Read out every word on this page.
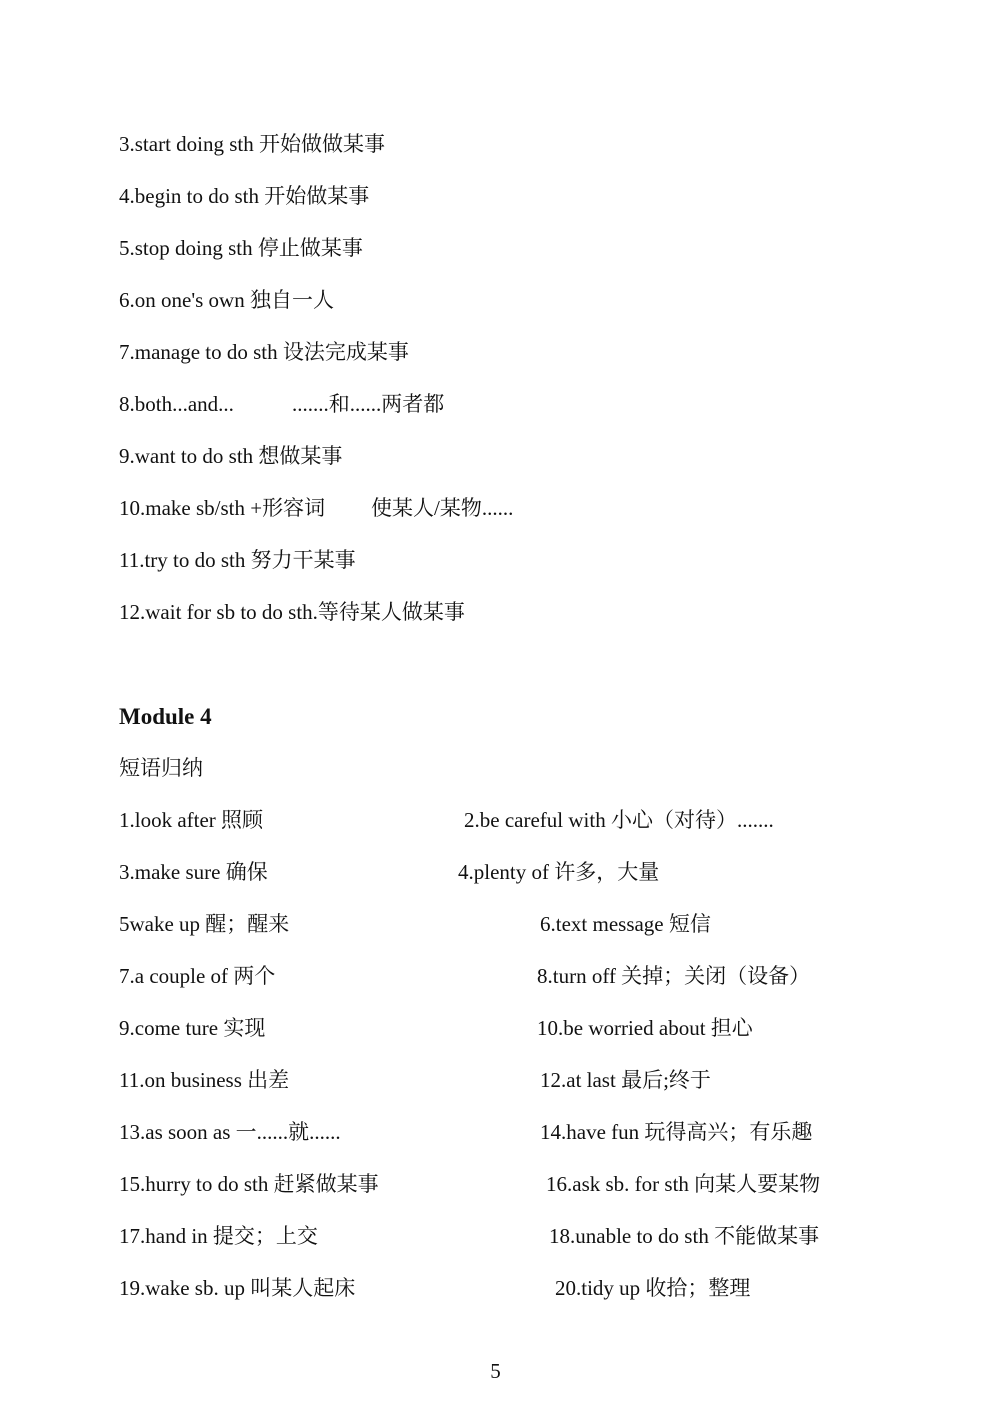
3.start doing sth 开始做做某事
4.begin to do sth 开始做某事
5.stop doing sth 停止做某事
6.on one's own 独自一人
7.manage to do sth 设法完成某事
8.both...and...	.......和......两者都
9.want to do sth 想做某事
10.make sb/sth +形容词 使某人/某物......
11.try to do sth 努力干某事
12.wait for sb to do sth.等待某人做某事
Module 4
短语归纳
1.look after 照顾	2.be careful with 小心（对待）.......
3.make sure 确保	4.plenty of 许多，大量
5wake up 醒；醒来	6.text message 短信
7.a couple of 两个	8.turn off 关掉；关闭（设备）
9.come ture 实现	10.be worried about 担心
11.on business 出差	12.at last 最后;终于
13.as soon as 一......就......	14.have fun 玩得高兴；有乐趣
15.hurry to do sth 赶紧做某事	16.ask sb. for sth 向某人要某物
17.hand in 提交；上交	18.unable to do sth 不能做某事
19.wake sb. up 叫某人起床	20.tidy up 收拾；整理
5
